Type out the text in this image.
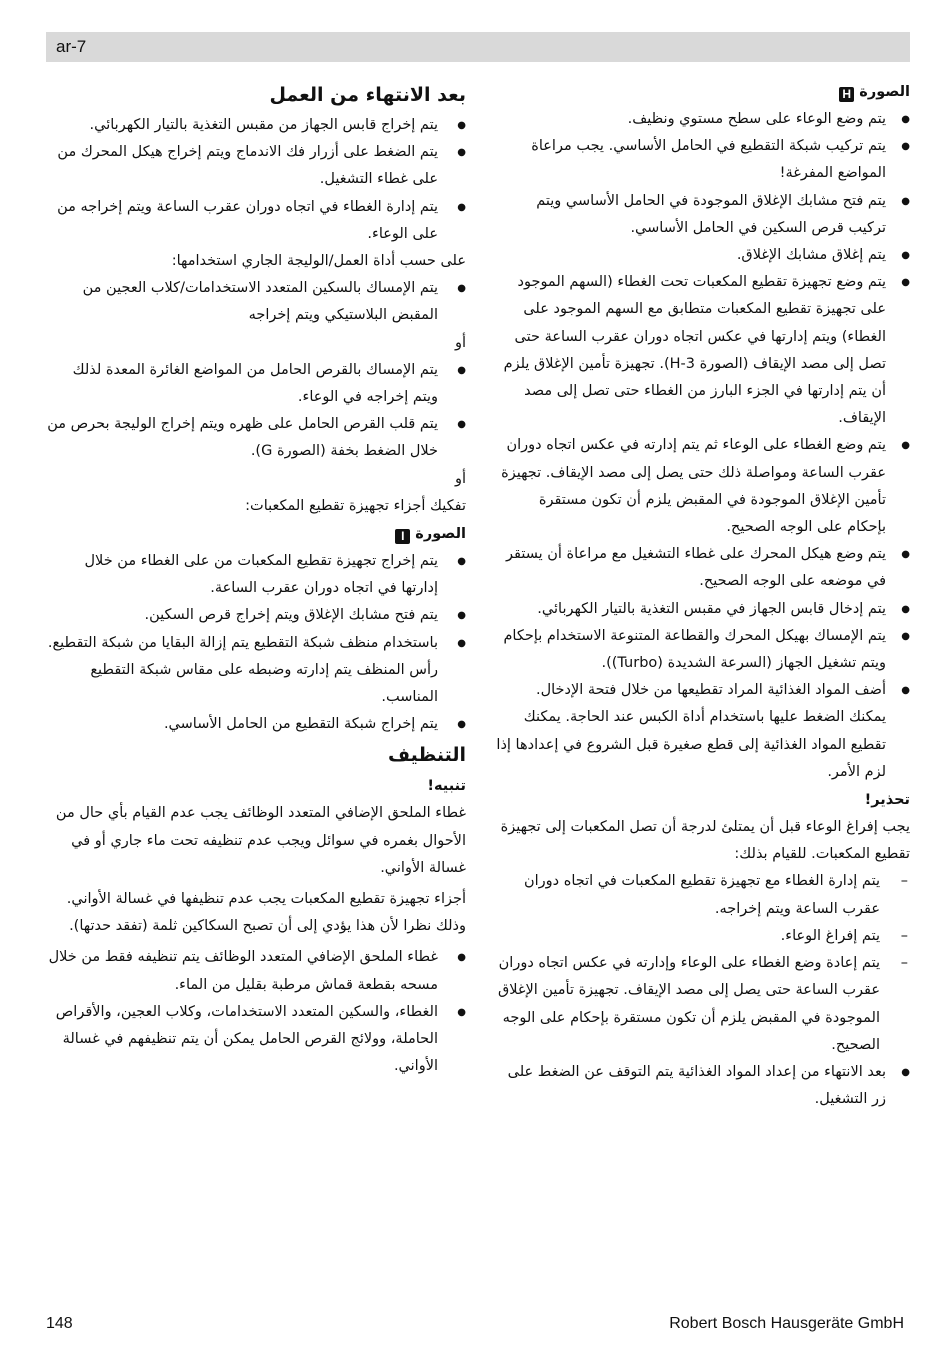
ar-7

الصورة H

● يتم وضع الوعاء على سطح مستوي ونظيف.
● يتم تركيب شبكة التقطيع في الحامل الأساسي. يجب مراعاة المواضع المفرغة!
● يتم فتح مشابك الإغلاق الموجودة في الحامل الأساسي ويتم تركيب قرص السكين في الحامل الأساسي.
● يتم إغلاق مشابك الإغلاق.
● يتم وضع تجهيزة تقطيع المكعبات تحت الغطاء (السهم الموجود على تجهيزة تقطيع المكعبات متطابق مع السهم الموجود على الغطاء) ويتم إدارتها في عكس اتجاه دوران عقرب الساعة حتى تصل إلى مصد الإيقاف (الصورة H-3). تجهيزة تأمين الإغلاق يلزم أن يتم إدارتها في الجزء البارز من الغطاء حتى تصل إلى مصد الإيقاف.
● يتم وضع الغطاء على الوعاء ثم يتم إدارته في عكس اتجاه دوران عقرب الساعة ومواصلة ذلك حتى يصل إلى مصد الإيقاف. تجهيزة تأمين الإغلاق الموجودة في المقبض يلزم أن تكون مستقرة بإحكام على الوجه الصحيح.
● يتم وضع هيكل المحرك على غطاء التشغيل مع مراعاة أن يستقر في موضعه على الوجه الصحيح.
● يتم إدخال قابس الجهاز في مقبس التغذية بالتيار الكهربائي.
● يتم الإمساك بهيكل المحرك والقطاعة المتنوعة الاستخدام بإحكام ويتم تشغيل الجهاز (السرعة الشديدة (Turbo)).
● أضف المواد الغذائية المراد تقطيعها من خلال فتحة الإدخال. يمكنك الضغط عليها باستخدام أداة الكبس عند الحاجة. يمكنك تقطيع المواد الغذائية إلى قطع صغيرة قبل الشروع في إعدادها إذا لزم الأمر.

تحذير!

يجب إفراغ الوعاء قبل أن يمتلئ لدرجة أن تصل المكعبات إلى تجهيزة تقطيع المكعبات. للقيام بذلك:

– يتم إدارة الغطاء مع تجهيزة تقطيع المكعبات في اتجاه دوران عقرب الساعة ويتم إخراجه.
– يتم إفراغ الوعاء.
– يتم إعادة وضع الغطاء على الوعاء وإدارته في عكس اتجاه دوران عقرب الساعة حتى يصل إلى مصد الإيقاف. تجهيزة تأمين الإغلاق الموجودة في المقبض يلزم أن تكون مستقرة بإحكام على الوجه الصحيح.
● بعد الانتهاء من إعداد المواد الغذائية يتم التوقف عن الضغط على زر التشغيل.

بعد الانتهاء من العمل

● يتم إخراج قابس الجهاز من مقبس التغذية بالتيار الكهربائي.
● يتم الضغط على أزرار فك الاندماج ويتم إخراج هيكل المحرك من على غطاء التشغيل.
● يتم إدارة الغطاء في اتجاه دوران عقرب الساعة ويتم إخراجه من على الوعاء.

على حسب أداة العمل/الوليجة الجاري استخدامها:

● يتم الإمساك بالسكين المتعدد الاستخدامات/كلاب العجين من المقبض البلاستيكي ويتم إخراجه

أو

● يتم الإمساك بالقرص الحامل من المواضع الغائرة المعدة لذلك ويتم إخراجه في الوعاء.
● يتم قلب القرص الحامل على ظهره ويتم إخراج الوليجة بحرص من خلال الضغط بخفة (الصورة G).

أو

تفكيك أجزاء تجهيزة تقطيع المكعبات:

الصورة I

● يتم إخراج تجهيزة تقطيع المكعبات من على الغطاء من خلال إدارتها في اتجاه دوران عقرب الساعة.
● يتم فتح مشابك الإغلاق ويتم إخراج قرص السكين.
● باستخدام منظف شبكة التقطيع يتم إزالة البقايا من شبكة التقطيع. رأس المنظف يتم إدارته وضبطه على مقاس شبكة التقطيع المناسب.
● يتم إخراج شبكة التقطيع من الحامل الأساسي.

التنظيف

تنبيه!

غطاء الملحق الإضافي المتعدد الوظائف يجب عدم القيام بأي حال من الأحوال بغمره في سوائل ويجب عدم تنظيفه تحت ماء جاري أو في غسالة الأواني.

أجزاء تجهيزة تقطيع المكعبات يجب عدم تنظيفها في غسالة الأواني. وذلك نظرا لأن هذا يؤدي إلى أن تصبح السكاكين ثلمة (تفقد حدتها).

● غطاء الملحق الإضافي المتعدد الوظائف يتم تنظيفه فقط من خلال مسحه بقطعة قماش مرطبة بقليل من الماء.
● الغطاء، والسكين المتعدد الاستخدامات، وكلاب العجين، والأقراص الحاملة، وولائج القرص الحامل يمكن أن يتم تنظيفهم في غسالة الأواني.
148	Robert Bosch Hausgeräte GmbH
